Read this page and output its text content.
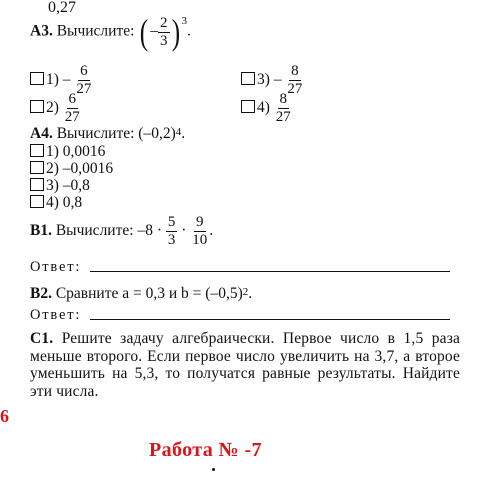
0,27
А3. Вычислите: ( – $\frac{2}{3}$ ) $^3$.
$1) - \frac{6}{27}$
$2) \frac{6}{27}$
$3) - \frac{8}{27}$
$4) \frac{8}{27}$
А4. Вычислите: $(-0,2)^4$.
1) 0,0016
2) –0,0016
3) –0,8
4) 0,8
В1. Вычислите: $-8 \cdot \frac{5}{3} \cdot \frac{9}{10}$ .
Ответ:
В2. Сравните a = 0,3 и $b = (-0,5)^2$.
Ответ:
С1. Решите задачу алгебраически. Первое число в 1,5 раза меньше второго. Если первое число увеличить на 3,7, а второе уменьшить на 5,3, то получатся равные результаты. Найдите эти числа.
6
Работа № -7
